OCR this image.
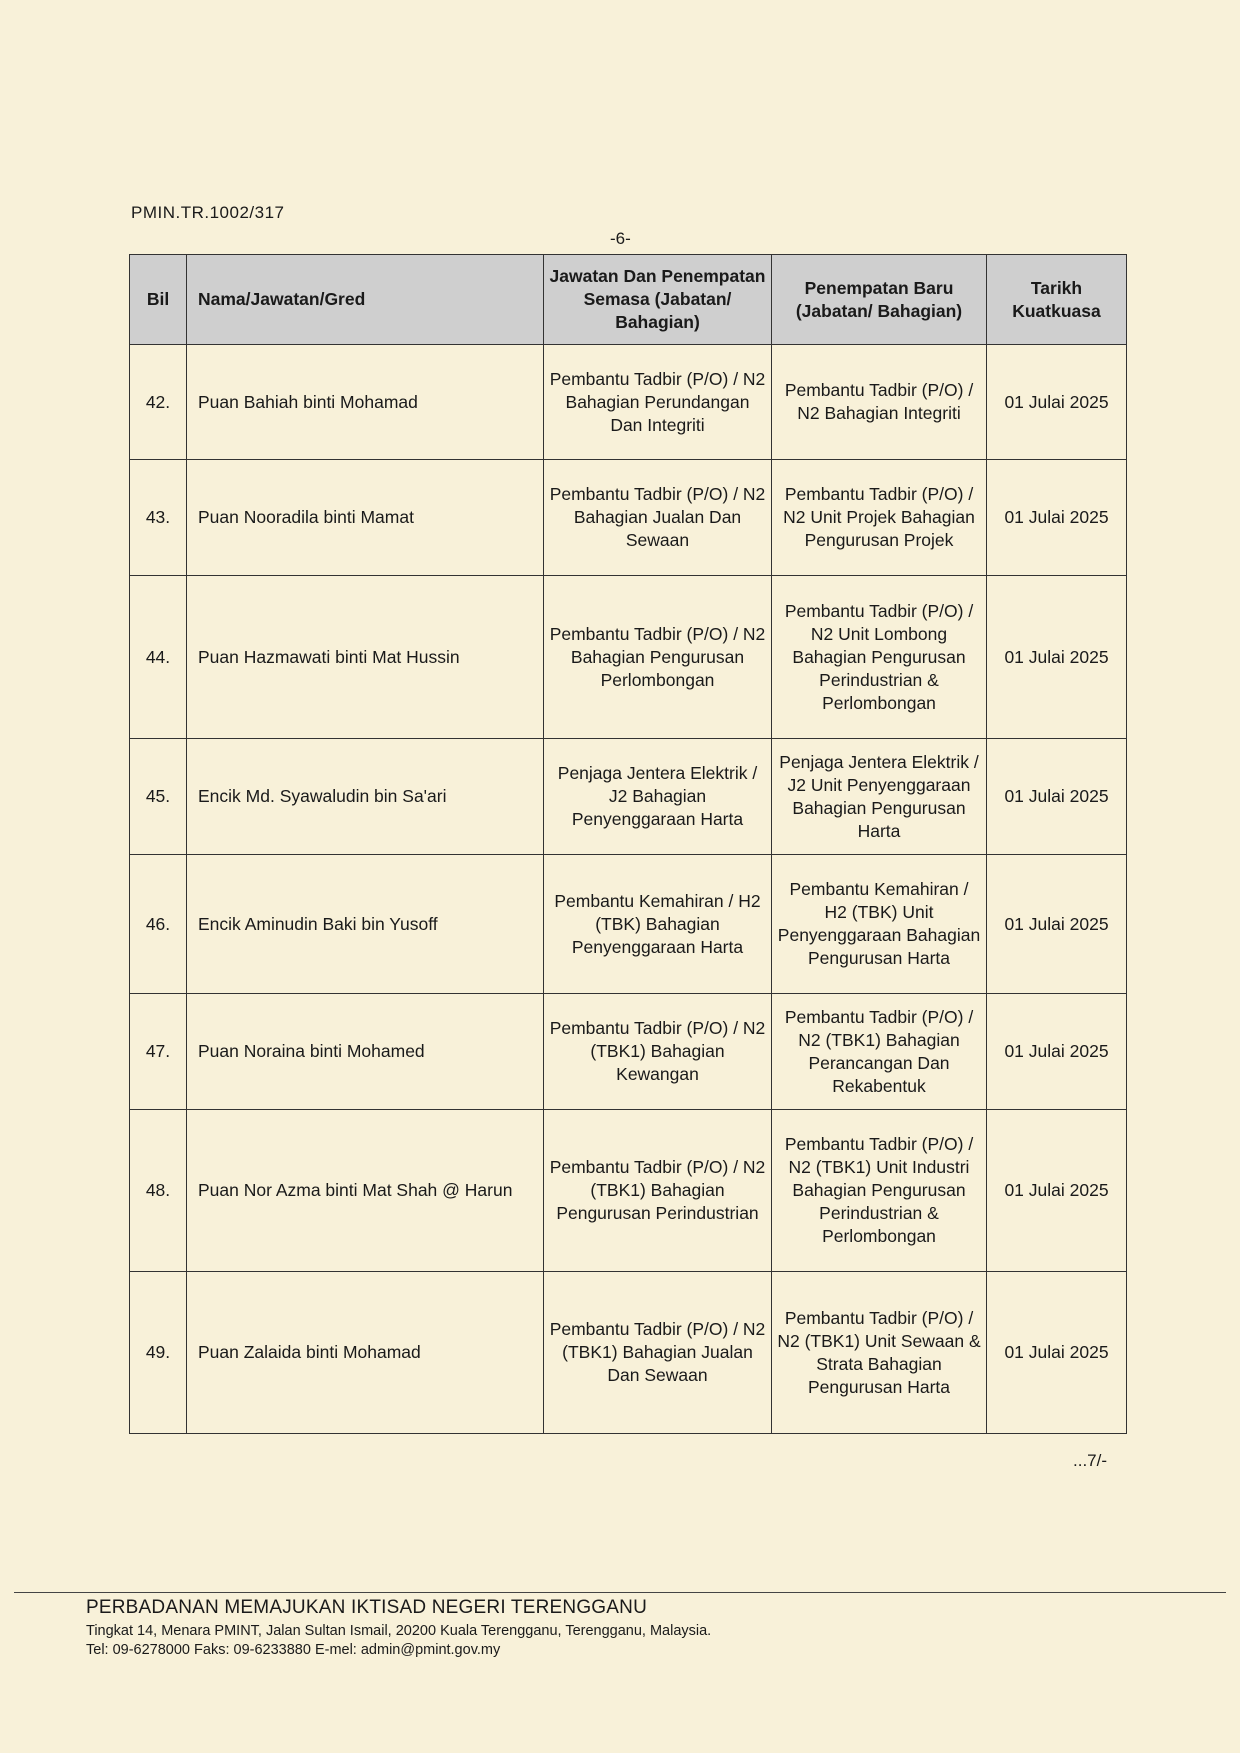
PMIN.TR.1002/317
-6-
Bil	Nama/Jawatan/Gred	Jawatan Dan Penempatan Semasa (Jabatan/ Bahagian)	Penempatan Baru (Jabatan/ Bahagian)	Tarikh Kuatkuasa
42.	Puan Bahiah binti Mohamad	Pembantu Tadbir (P/O) / N2 Bahagian Perundangan Dan Integriti	Pembantu Tadbir (P/O) / N2 Bahagian Integriti	01 Julai 2025
43.	Puan Nooradila binti Mamat	Pembantu Tadbir (P/O) / N2 Bahagian Jualan Dan Sewaan	Pembantu Tadbir (P/O) / N2 Unit Projek Bahagian Pengurusan Projek	01 Julai 2025
44.	Puan Hazmawati binti Mat Hussin	Pembantu Tadbir (P/O) / N2 Bahagian Pengurusan Perlombongan	Pembantu Tadbir (P/O) / N2 Unit Lombong Bahagian Pengurusan Perindustrian & Perlombongan	01 Julai 2025
45.	Encik Md. Syawaludin bin Sa'ari	Penjaga Jentera Elektrik / J2 Bahagian Penyenggaraan Harta	Penjaga Jentera Elektrik / J2 Unit Penyenggaraan Bahagian Pengurusan Harta	01 Julai 2025
46.	Encik Aminudin Baki bin Yusoff	Pembantu Kemahiran / H2 (TBK) Bahagian Penyenggaraan Harta	Pembantu Kemahiran / H2 (TBK) Unit Penyenggaraan Bahagian Pengurusan Harta	01 Julai 2025
47.	Puan Noraina binti Mohamed	Pembantu Tadbir (P/O) / N2 (TBK1) Bahagian Kewangan	Pembantu Tadbir (P/O) / N2 (TBK1) Bahagian Perancangan Dan Rekabentuk	01 Julai 2025
48.	Puan Nor Azma binti Mat Shah @ Harun	Pembantu Tadbir (P/O) / N2 (TBK1) Bahagian Pengurusan Perindustrian	Pembantu Tadbir (P/O) / N2 (TBK1) Unit Industri Bahagian Pengurusan Perindustrian & Perlombongan	01 Julai 2025
49.	Puan Zalaida binti Mohamad	Pembantu Tadbir (P/O) / N2 (TBK1) Bahagian Jualan Dan Sewaan	Pembantu Tadbir (P/O) / N2 (TBK1) Unit Sewaan & Strata Bahagian Pengurusan Harta	01 Julai 2025
...7/-
PERBADANAN MEMAJUKAN IKTISAD NEGERI TERENGGANU
Tingkat 14, Menara PMINT, Jalan Sultan Ismail, 20200 Kuala Terengganu, Terengganu, Malaysia.
Tel: 09-6278000 Faks: 09-6233880 E-mel: admin@pmint.gov.my
